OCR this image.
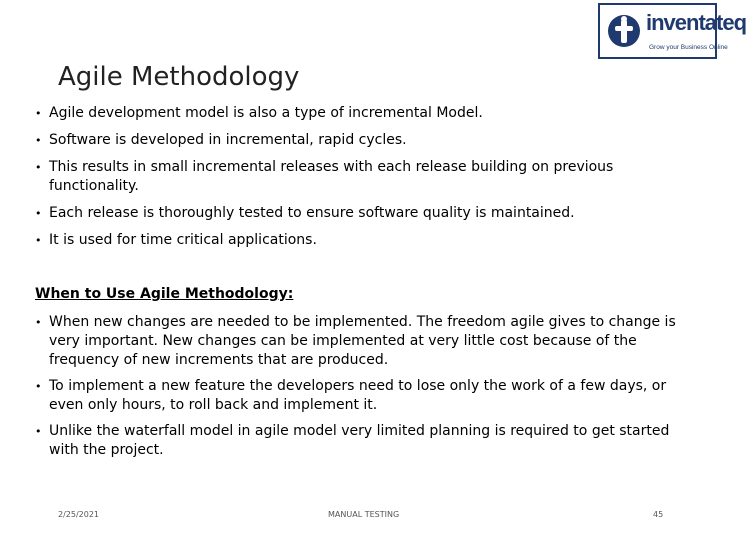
inventateq
Grow your Business Online
Agile Methodology
• Agile development model is also a type of incremental Model.
• Software is developed in incremental, rapid cycles.
• This results in small incremental releases with each release building on previous functionality.
• Each release is thoroughly tested to ensure software quality is maintained.
• It is used for time critical applications.
When to Use Agile Methodology:
• When new changes are needed to be implemented. The freedom agile gives to change is very important. New changes can be implemented at very little cost because of the frequency of new increments that are produced.
• To implement a new feature the developers need to lose only the work of a few days, or even only hours, to roll back and implement it.
• Unlike the waterfall model in agile model very limited planning is required to get started with the project.
2/25/2021	MANUAL TESTING	45
